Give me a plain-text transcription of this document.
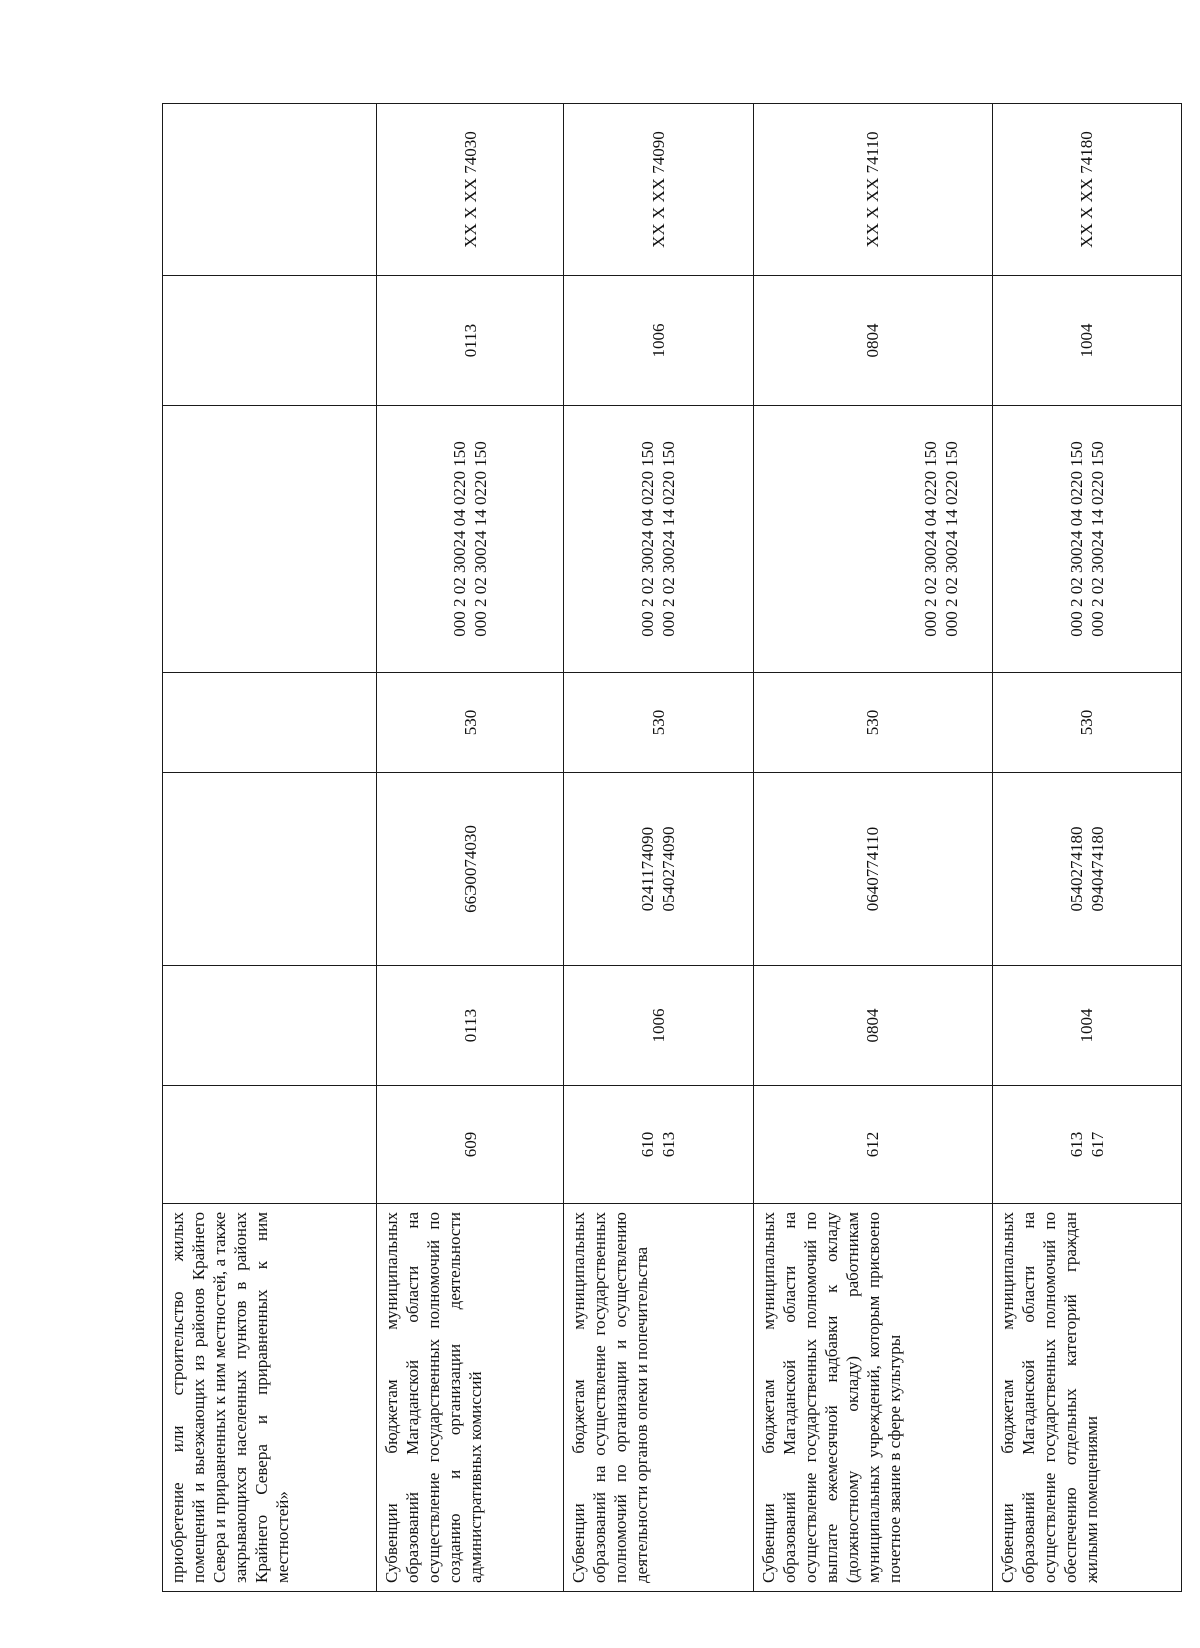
приобретение или строительство жилых помещений и выезжающих из районов Крайнего Севера и приравненных к ним местностей, а также закрывающихся населенных пунктов в районах Крайнего Севера и приравненных к ним местностей»							
Субвенции бюджетам муниципальных образований Магаданской области на осуществление государственных полномочий по созданию и организации деятельности административных комиссий	609	0113	66Э0074030	530	000 2 02 30024 04 0220 150 000 2 02 30024 14 0220 150	0113	XX X XX 74030
Субвенции бюджетам муниципальных образований на осуществление государственных полномочий по организации и осуществлению деятельности органов опеки и попечительства	610 613	1006	0241174090 0540274090	530	000 2 02 30024 04 0220 150 000 2 02 30024 14 0220 150	1006	XX X XX 74090
Субвенции бюджетам муниципальных образований Магаданской области на осуществление государственных полномочий по выплате ежемесячной надбавки к окладу (должностному окладу) работникам муниципальных учреждений, которым присвоено почетное звание в сфере культуры	612	0804	0640774110	530	000 2 02 30024 04 0220 150 000 2 02 30024 14 0220 150	0804	XX X XX 74110
Субвенции бюджетам муниципальных образований Магаданской области на осуществление государственных полномочий по обеспечению отдельных категорий граждан жилыми помещениями	613 617	1004	0540274180 0940474180	530	000 2 02 30024 04 0220 150 000 2 02 30024 14 0220 150	1004	XX X XX 74180
